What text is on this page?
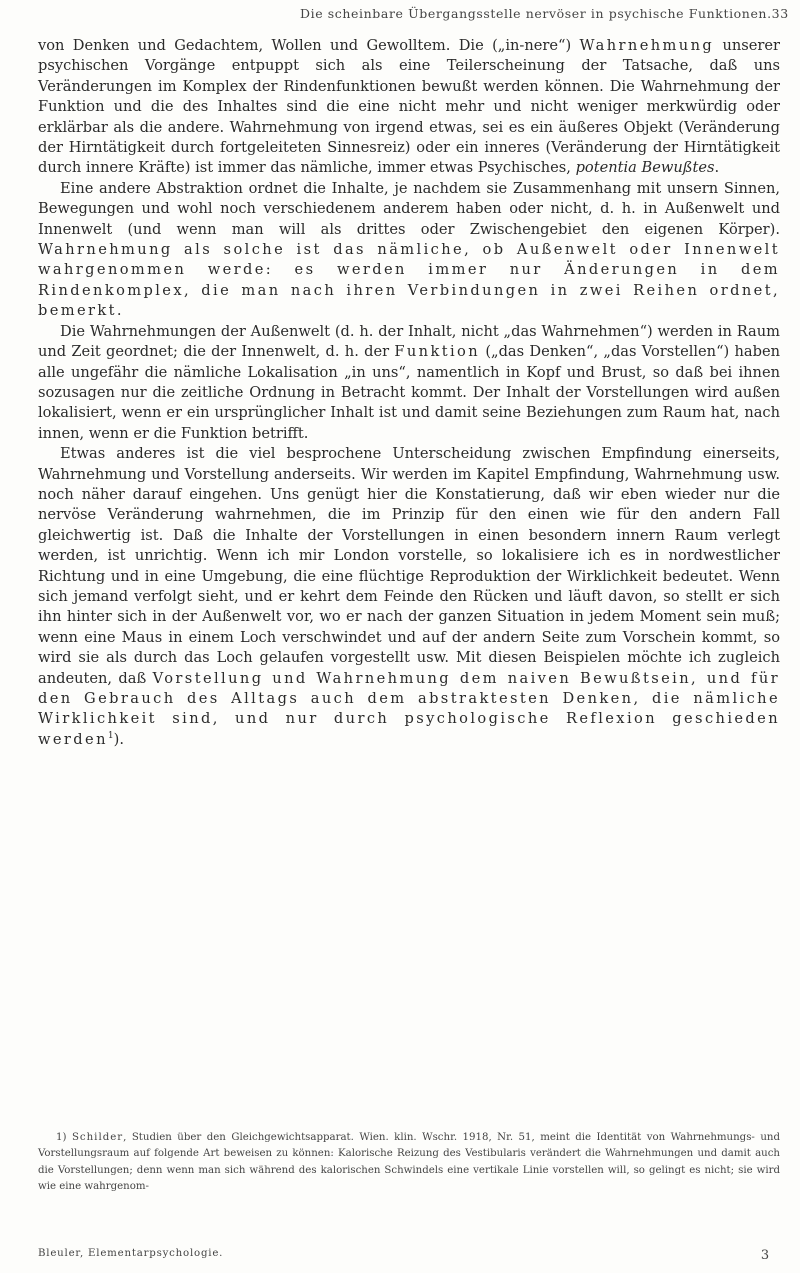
Die scheinbare Übergangsstelle nervöser in psychische Funktionen. 33

von Denken und Gedachtem, Wollen und Gewolltem. Die („in-nere“) Wahrnehmung unserer psychischen Vorgänge entpuppt sich als eine Teilerscheinung der Tatsache, daß uns Veränderungen im Komplex der Rindenfunktionen bewußt werden können. Die Wahrnehmung der Funktion und die des Inhaltes sind die eine nicht mehr und nicht weniger merkwürdig oder erklärbar als die andere. Wahrnehmung von irgend etwas, sei es ein äußeres Objekt (Veränderung der Hirntätigkeit durch fortgeleiteten Sinnesreiz) oder ein inneres (Veränderung der Hirntätigkeit durch innere Kräfte) ist immer das nämliche, immer etwas Psychisches, potentia Bewußtes.

Eine andere Abstraktion ordnet die Inhalte, je nachdem sie Zusammenhang mit unsern Sinnen, Bewegungen und wohl noch verschiedenem anderem haben oder nicht, d. h. in Außenwelt und Innenwelt (und wenn man will als drittes oder Zwischengebiet den eigenen Körper). Wahrnehmung als solche ist das nämliche, ob Außenwelt oder Innenwelt wahrgenommen werde: es werden immer nur Änderungen in dem Rindenkomplex, die man nach ihren Verbindungen in zwei Reihen ordnet, bemerkt.

Die Wahrnehmungen der Außenwelt (d. h. der Inhalt, nicht „das Wahrnehmen“) werden in Raum und Zeit geordnet; die der Innenwelt, d. h. der Funktion („das Denken“, „das Vorstellen“) haben alle ungefähr die nämliche Lokalisation „in uns“, namentlich in Kopf und Brust, so daß bei ihnen sozusagen nur die zeitliche Ordnung in Betracht kommt. Der Inhalt der Vorstellungen wird außen lokalisiert, wenn er ein ursprünglicher Inhalt ist und damit seine Beziehungen zum Raum hat, nach innen, wenn er die Funktion betrifft.

Etwas anderes ist die viel besprochene Unterscheidung zwischen Empfindung einerseits, Wahrnehmung und Vorstellung anderseits. Wir werden im Kapitel Empfindung, Wahrnehmung usw. noch näher darauf eingehen. Uns genügt hier die Konstatierung, daß wir eben wieder nur die nervöse Veränderung wahrnehmen, die im Prinzip für den einen wie für den andern Fall gleichwertig ist. Daß die Inhalte der Vorstellungen in einen besondern innern Raum verlegt werden, ist unrichtig. Wenn ich mir London vorstelle, so lokalisiere ich es in nordwestlicher Richtung und in eine Umgebung, die eine flüchtige Reproduktion der Wirklichkeit bedeutet. Wenn sich jemand verfolgt sieht, und er kehrt dem Feinde den Rücken und läuft davon, so stellt er sich ihn hinter sich in der Außenwelt vor, wo er nach der ganzen Situation in jedem Moment sein muß; wenn eine Maus in einem Loch verschwindet und auf der andern Seite zum Vorschein kommt, so wird sie als durch das Loch gelaufen vorgestellt usw. Mit diesen Beispielen möchte ich zugleich andeuten, daß Vorstellung und Wahrnehmung dem naiven Bewußtsein, und für den Gebrauch des Alltags auch dem abstraktesten Denken, die nämliche Wirklichkeit sind, und nur durch psychologische Reflexion geschieden werden$^1$).

1) Schilder, Studien über den Gleichgewichtsapparat. Wien. klin. Wschr. 1918, Nr. 51, meint die Identität von Wahrnehmungs- und Vorstellungsraum auf folgende Art beweisen zu können: Kalorische Reizung des Vestibularis verändert die Wahrnehmungen und damit auch die Vorstellungen; denn wenn man sich während des kalorischen Schwindels eine vertikale Linie vorstellen will, so gelingt es nicht; sie wird wie eine wahrgenom-

Bleuler, Elementarpsychologie.	3
